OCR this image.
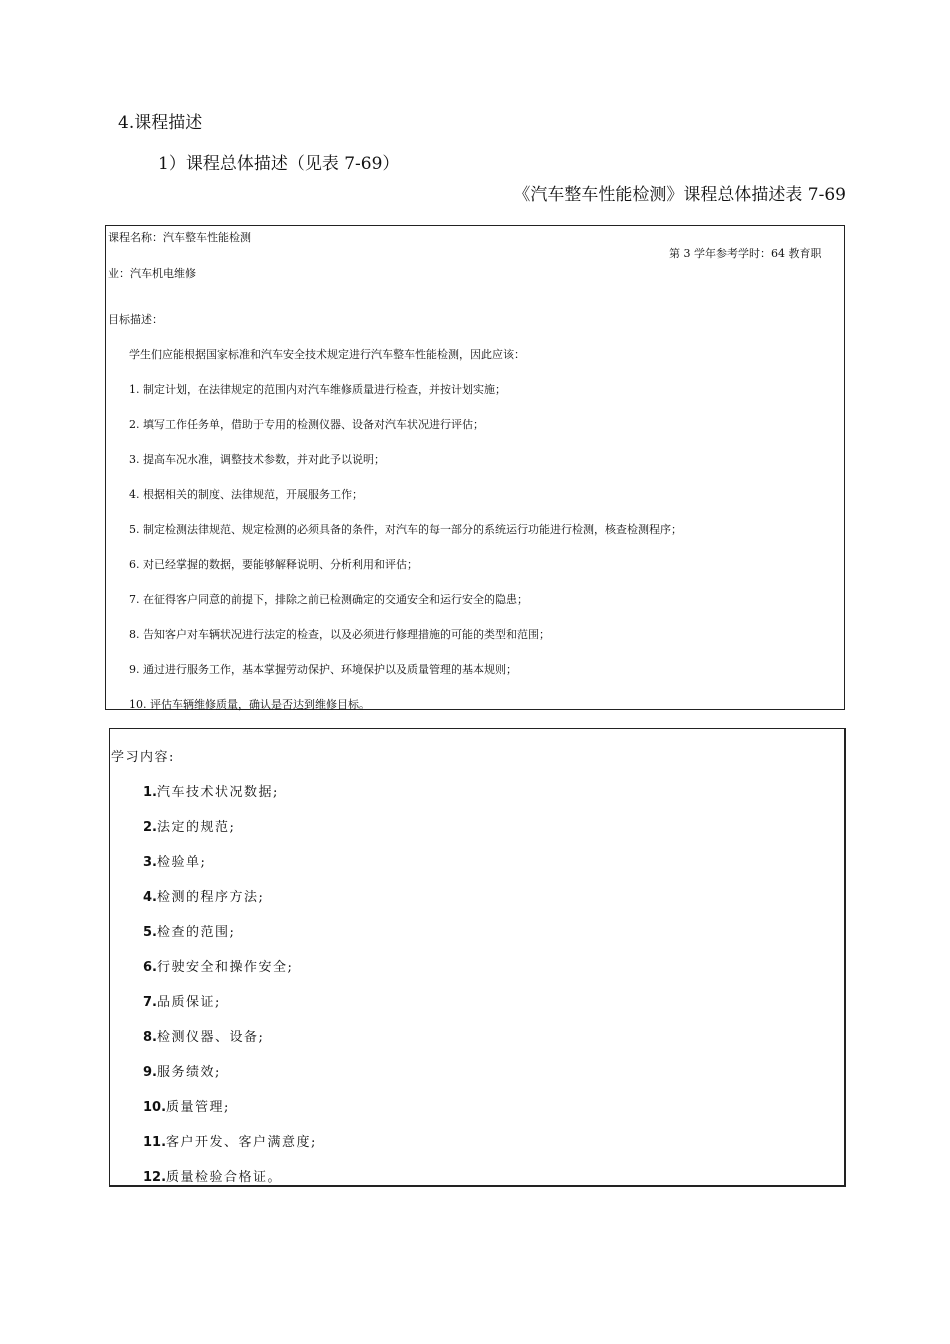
4.课程描述
1）课程总体描述（见表 7-69）
《汽车整车性能检测》课程总体描述表 7-69
课程名称：汽车整车性能检测
第 3 学年参考学时：64 教育职
业：汽车机电维修
目标描述：
学生们应能根据国家标准和汽车安全技术规定进行汽车整车性能检测，因此应该：
1. 制定计划，在法律规定的范围内对汽车维修质量进行检查，并按计划实施；
2. 填写工作任务单，借助于专用的检测仪器、设备对汽车状况进行评估；
3. 提高车况水准，调整技术参数，并对此予以说明；
4. 根据相关的制度、法律规范，开展服务工作；
5. 制定检测法律规范、规定检测的必须具备的条件，对汽车的每一部分的系统运行功能进行检测，核查检测程序；
6. 对已经掌握的数据，要能够解释说明、分析利用和评估；
7. 在征得客户同意的前提下，排除之前已检测确定的交通安全和运行安全的隐患；
8. 告知客户对车辆状况进行法定的检查，以及必须进行修理措施的可能的类型和范围；
9. 通过进行服务工作，基本掌握劳动保护、环境保护以及质量管理的基本规则；
10. 评估车辆维修质量，确认是否达到维修目标。
学习内容:
1.汽车技术状况数据;
2.法定的规范;
3.检验单;
4.检测的程序方法;
5.检查的范围;
6.行驶安全和操作安全;
7.品质保证;
8.检测仪器、设备;
9.服务绩效;
10.质量管理;
11.客户开发、客户满意度;
12.质量检验合格证。
